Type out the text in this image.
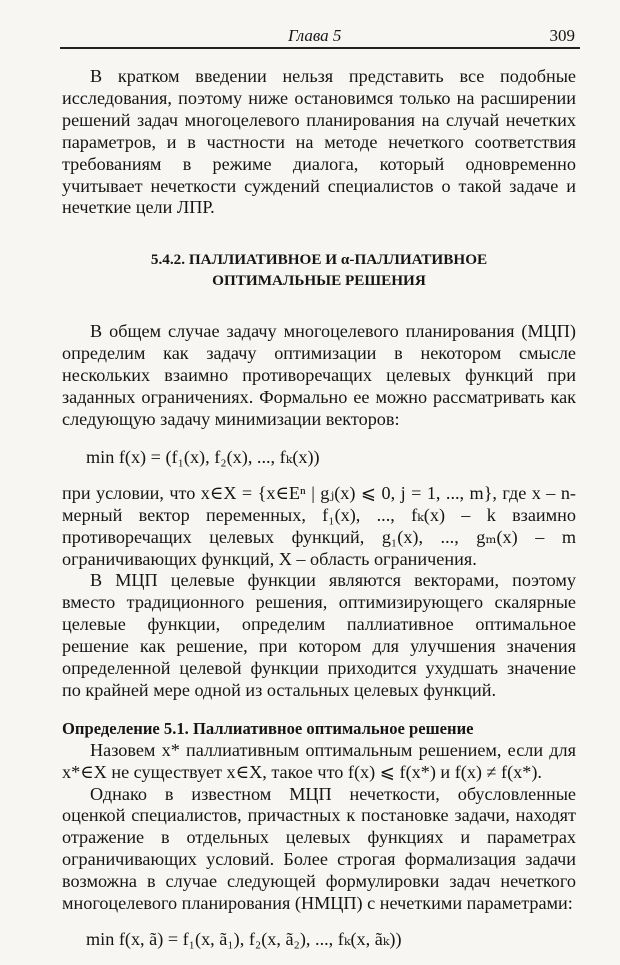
Глава 5	309

В кратком введении нельзя представить все подобные исследования, поэтому ниже остановимся только на расширении решений задач многоцелевого планирования на случай нечетких параметров, и в частности на методе нечеткого соответствия требованиям в режиме диалога, который одновременно учитывает нечеткости суждений специалистов о такой задаче и нечеткие цели ЛПР.

5.4.2. ПАЛЛИАТИВНОЕ И α-ПАЛЛИАТИВНОЕ
ОПТИМАЛЬНЫЕ РЕШЕНИЯ

В общем случае задачу многоцелевого планирования (МЦП) определим как задачу оптимизации в некотором смысле нескольких взаимно противоречащих целевых функций при заданных ограничениях. Формально ее можно рассматривать как следующую задачу минимизации векторов:

min f(x) = (f₁(x), f₂(x), ..., fₖ(x))

при условии, что x∈X = {x∈Eⁿ | gⱼ(x) ⩽ 0, j = 1, ..., m}, где x – n-мерный вектор переменных, f₁(x), ..., fₖ(x) – k взаимно противоречащих целевых функций, g₁(x), ..., gₘ(x) – m ограничивающих функций, X – область ограничения.

В МЦП целевые функции являются векторами, поэтому вместо традиционного решения, оптимизирующего скалярные целевые функции, определим паллиативное оптимальное решение как решение, при котором для улучшения значения определенной целевой функции приходится ухудшать значение по крайней мере одной из остальных целевых функций.

Определение 5.1. Паллиативное оптимальное решение

Назовем x* паллиативным оптимальным решением, если для x*∈X не существует x∈X, такое что f(x) ⩽ f(x*) и f(x) ≠ f(x*).

Однако в известном МЦП нечеткости, обусловленные оценкой специалистов, причастных к постановке задачи, находят отражение в отдельных целевых функциях и параметрах ограничивающих условий. Более строгая формализация задачи возможна в случае следующей формулировки задач нечеткого многоцелевого планирования (НМЦП) с нечеткими параметрами:

min f(x, ã) = f₁(x, ã₁), f₂(x, ã₂), ..., fₖ(x, ãₖ))
